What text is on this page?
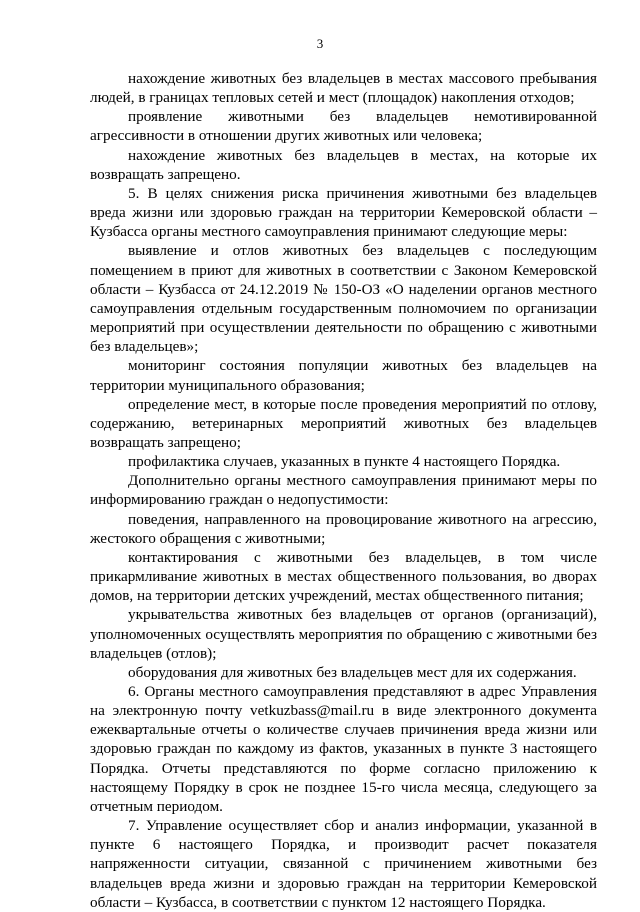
3

нахождение животных без владельцев в местах массового пребывания людей, в границах тепловых сетей и мест (площадок) накопления отходов;

проявление животными без владельцев немотивированной агрессивности в отношении других животных или человека;

нахождение животных без владельцев в местах, на которые их возвращать запрещено.

5. В целях снижения риска причинения животными без владельцев вреда жизни или здоровью граждан на территории Кемеровской области – Кузбасса органы местного самоуправления принимают следующие меры:

выявление и отлов животных без владельцев с последующим помещением в приют для животных в соответствии с Законом Кемеровской области – Кузбасса от 24.12.2019 № 150-ОЗ «О наделении органов местного самоуправления отдельным государственным полномочием по организации мероприятий при осуществлении деятельности по обращению с животными без владельцев»;

мониторинг состояния популяции животных без владельцев на территории муниципального образования;

определение мест, в которые после проведения мероприятий по отлову, содержанию, ветеринарных мероприятий животных без владельцев возвращать запрещено;

профилактика случаев, указанных в пункте 4 настоящего Порядка.

Дополнительно органы местного самоуправления принимают меры по информированию граждан о недопустимости:

поведения, направленного на провоцирование животного на агрессию, жестокого обращения с животными;

контактирования с животными без владельцев, в том числе прикармливание животных в местах общественного пользования, во дворах домов, на территории детских учреждений, местах общественного питания;

укрывательства животных без владельцев от органов (организаций), уполномоченных осуществлять мероприятия по обращению с животными без владельцев (отлов);

оборудования для животных без владельцев мест для их содержания.

6. Органы местного самоуправления представляют в адрес Управления на электронную почту vetkuzbass@mail.ru в виде электронного документа ежеквартальные отчеты о количестве случаев причинения вреда жизни или здоровью граждан по каждому из фактов, указанных в пункте 3 настоящего Порядка. Отчеты представляются по форме согласно приложению к настоящему Порядку в срок не позднее 15-го числа месяца, следующего за отчетным периодом.

7. Управление осуществляет сбор и анализ информации, указанной в пункте 6 настоящего Порядка, и производит расчет показателя напряженности ситуации, связанной с причинением животными без владельцев вреда жизни и здоровью граждан на территории Кемеровской области – Кузбасса, в соответствии с пунктом 12 настоящего Порядка.
